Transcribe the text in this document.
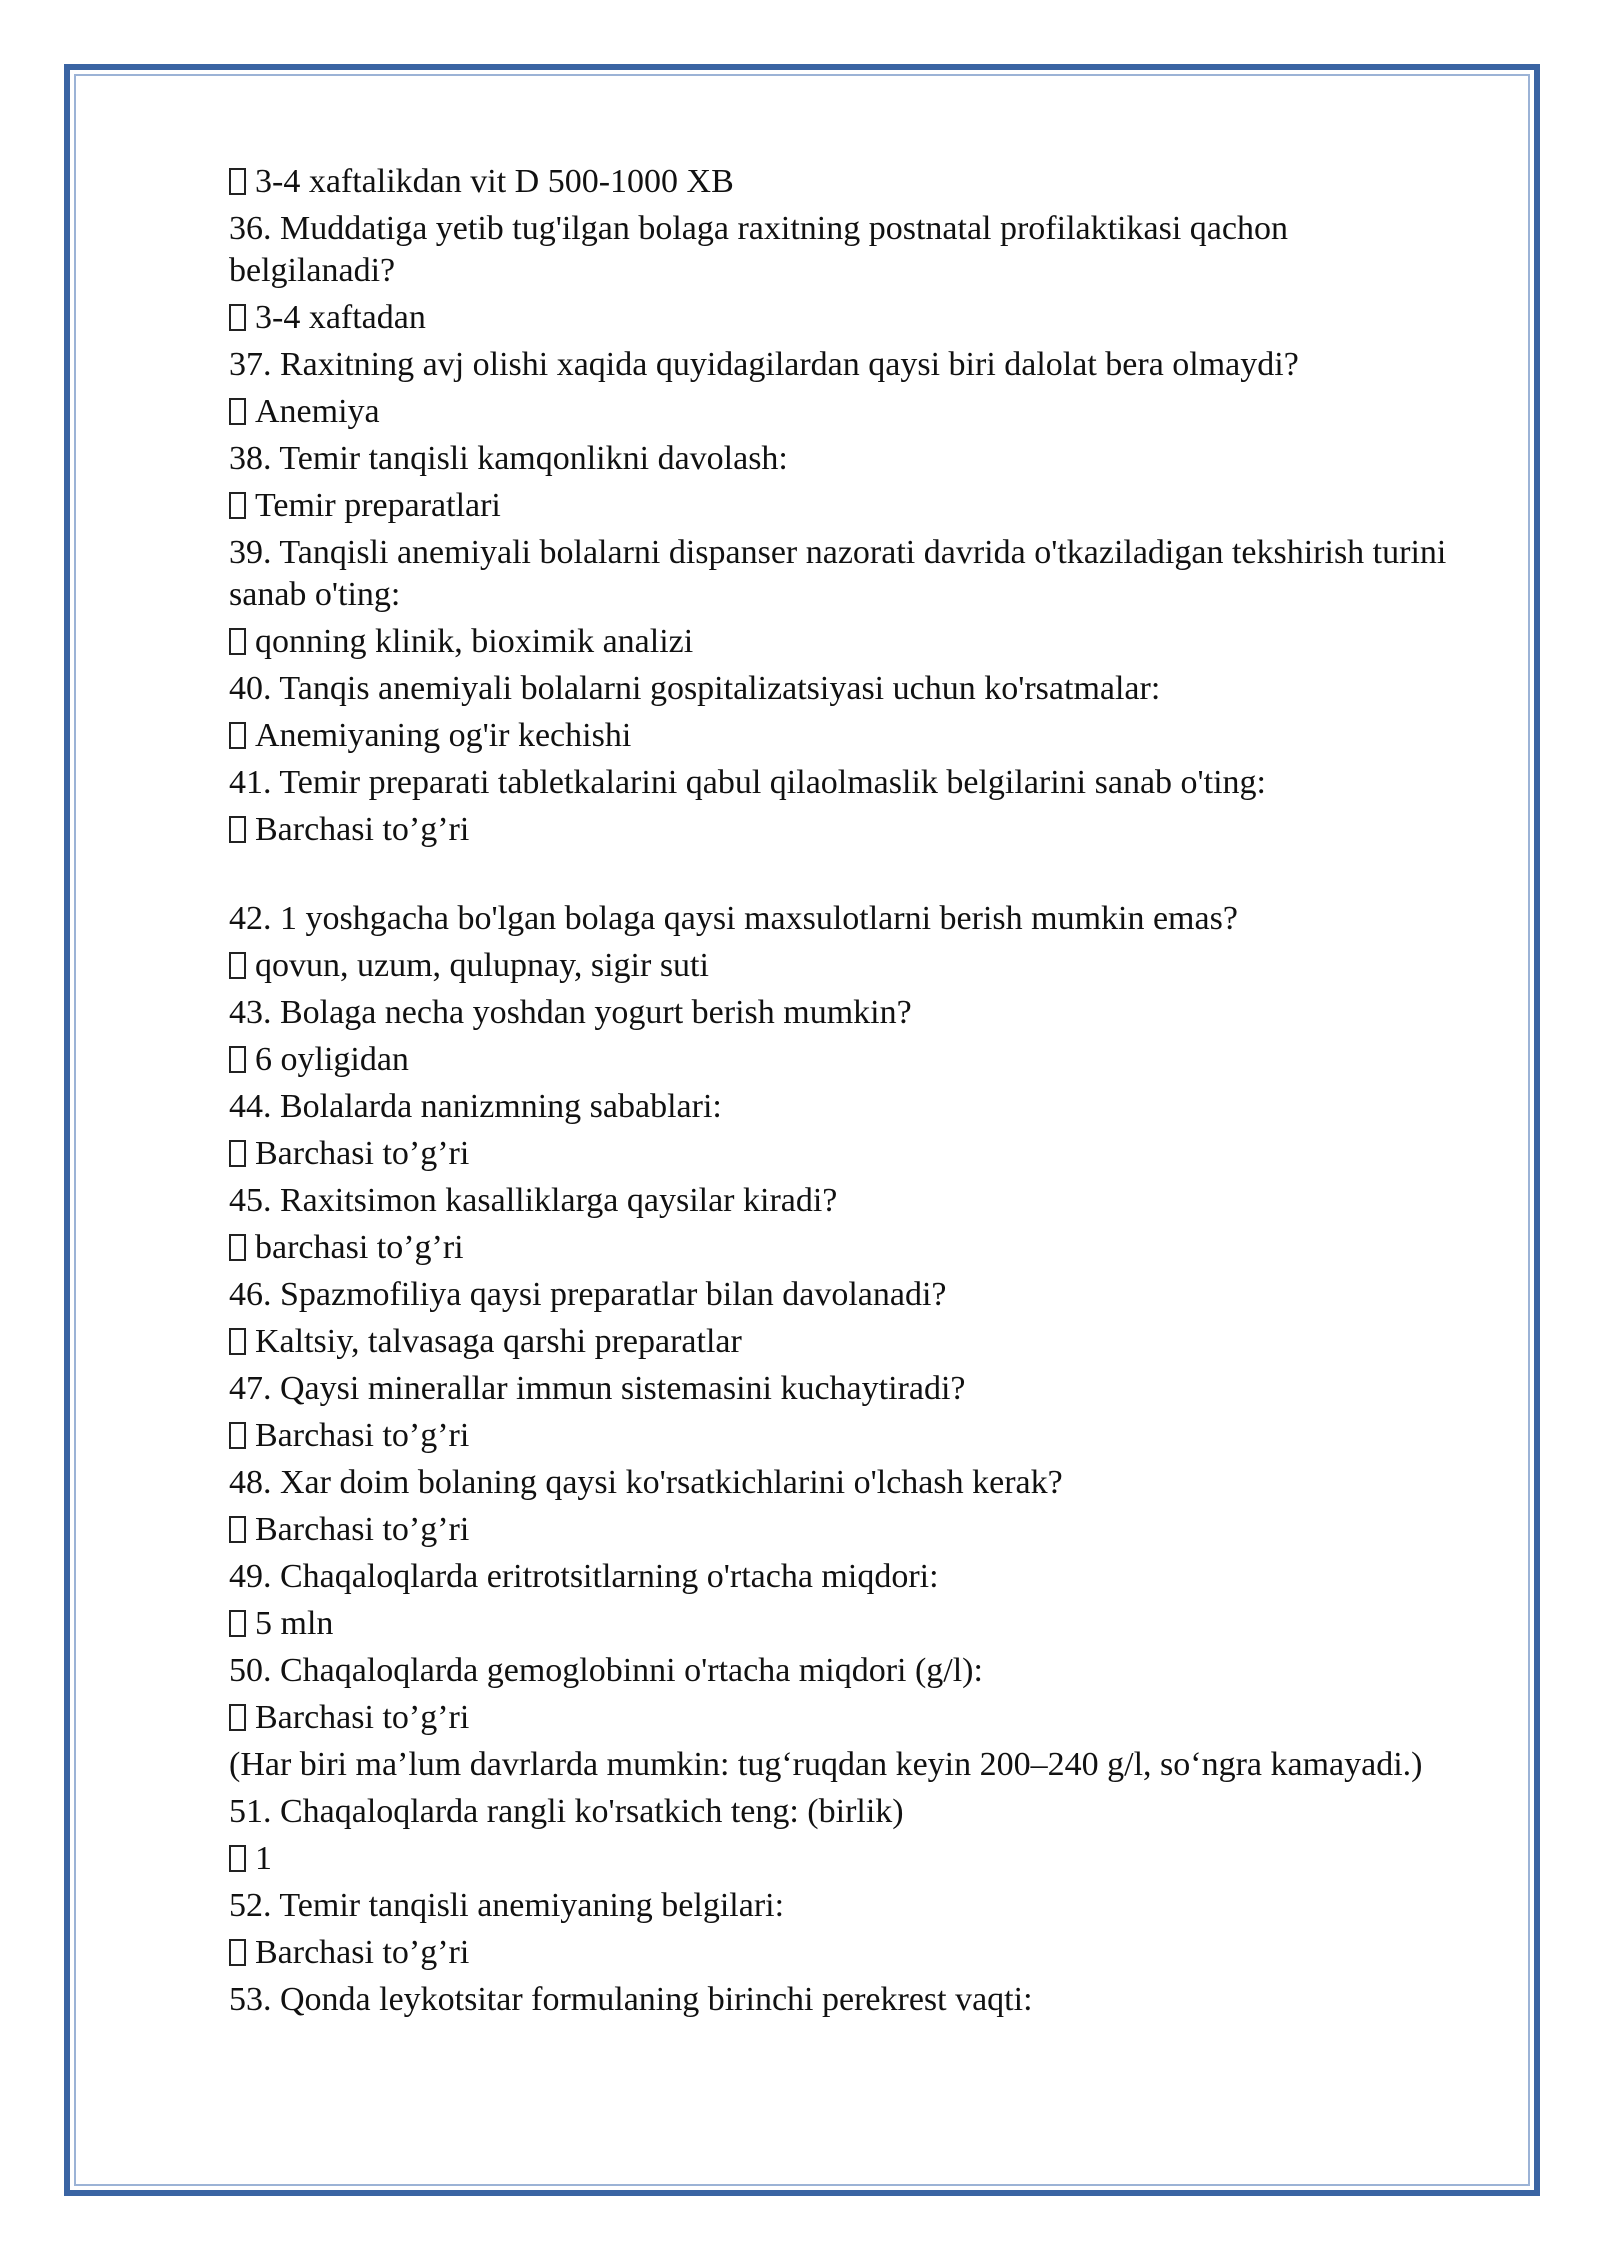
3-4 xaftalikdan vit D 500-1000 XB

36. Muddatiga yetib tug'ilgan bolaga raxitning postnatal profilaktikasi qachon belgilanadi?

3-4 xaftadan

37. Raxitning avj olishi xaqida quyidagilardan qaysi biri dalolat bera olmaydi?

Anemiya

38. Temir tanqisli kamqonlikni davolash:

Temir preparatlari

39. Tanqisli anemiyali bolalarni dispanser nazorati davrida o'tkaziladigan tekshirish turini sanab o'ting:

qonning klinik, bioximik analizi

40. Tanqis anemiyali bolalarni gospitalizatsiyasi uchun ko'rsatmalar:

Anemiyaning og'ir kechishi

41. Temir preparati tabletkalarini qabul qilaolmaslik belgilarini sanab o'ting:

Barchasi to’g’ri

42. 1 yoshgacha bo'lgan bolaga qaysi maxsulotlarni berish mumkin emas?

qovun, uzum, qulupnay, sigir suti

43. Bolaga necha yoshdan yogurt berish mumkin?

6 oyligidan

44. Bolalarda nanizmning sabablari:

Barchasi to’g’ri

45. Raxitsimon kasalliklarga qaysilar kiradi?

barchasi to’g’ri

46. Spazmofiliya qaysi preparatlar bilan davolanadi?

Kaltsiy, talvasaga qarshi preparatlar

47. Qaysi minerallar immun sistemasini kuchaytiradi?

Barchasi to’g’ri

48. Xar doim bolaning qaysi ko'rsatkichlarini o'lchash kerak?

Barchasi to’g’ri

49. Chaqaloqlarda eritrotsitlarning o'rtacha miqdori:

5 mln

50. Chaqaloqlarda gemoglobinni o'rtacha miqdori (g/l):

Barchasi to’g’ri

(Har biri ma’lum davrlarda mumkin: tug‘ruqdan keyin 200–240 g/l, so‘ngra kamayadi.)

51. Chaqaloqlarda rangli ko'rsatkich teng: (birlik)

1

52. Temir tanqisli anemiyaning belgilari:

Barchasi to’g’ri

53. Qonda leykotsitar formulaning birinchi perekrest vaqti:
